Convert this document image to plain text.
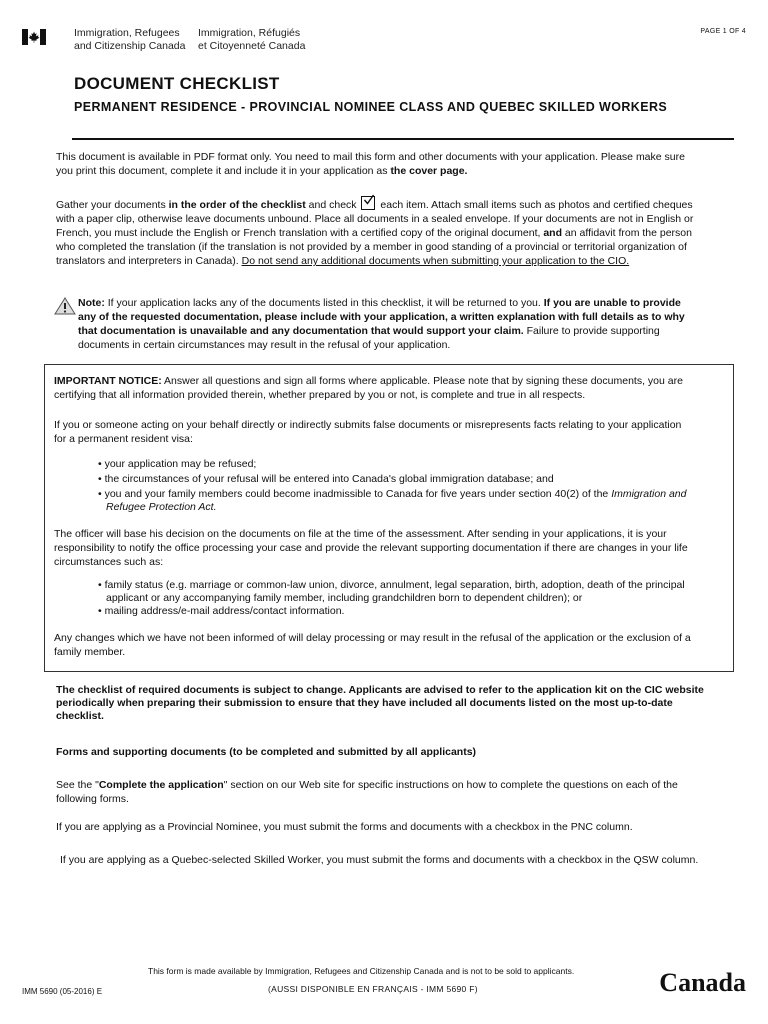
Immigration, Refugees
and Citizenship Canada
Immigration, Réfugiés
et Citoyenneté Canada
PAGE 1 OF 4
DOCUMENT CHECKLIST
PERMANENT RESIDENCE - PROVINCIAL NOMINEE CLASS AND QUEBEC SKILLED WORKERS

This document is available in PDF format only. You need to mail this form and other documents with your application. Please make sure you print this document, complete it and include it in your application as the cover page.

Gather your documents in the order of the checklist and check
each item. Attach small items such as photos and certified cheques with a paper clip, otherwise leave documents unbound. Place all documents in a sealed envelope. If your documents are not in English or French, you must include the English or French translation with a certified copy of the original document, and an affidavit from the person who completed the translation (if the translation is not provided by a member in good standing of a provincial or territorial organization of translators and interpreters in Canada). Do not send any additional documents when submitting your application to the CIO.

Note: If your application lacks any of the documents listed in this checklist, it will be returned to you. If you are unable to provide any of the requested documentation, please include with your application, a written explanation with full details as to why that documentation is unavailable and any documentation that would support your claim. Failure to provide supporting documents in certain circumstances may result in the refusal of your application.

IMPORTANT NOTICE: Answer all questions and sign all forms where applicable. Please note that by signing these documents, you are certifying that all information provided therein, whether prepared by you or not, is complete and true in all respects.

If you or someone acting on your behalf directly or indirectly submits false documents or misrepresents facts relating to your application for a permanent resident visa:

• your application may be refused;
• the circumstances of your refusal will be entered into Canada's global immigration database; and
• you and your family members could become inadmissible to Canada for five years under section 40(2) of the Immigration and Refugee Protection Act.

The officer will base his decision on the documents on file at the time of the assessment. After sending in your applications, it is your responsibility to notify the office processing your case and provide the relevant supporting documentation if there are changes in your life circumstances such as:

• family status (e.g. marriage or common-law union, divorce, annulment, legal separation, birth, adoption, death of the principal applicant or any accompanying family member, including grandchildren born to dependent children); or
• mailing address/e-mail address/contact information.

Any changes which we have not been informed of will delay processing or may result in the refusal of the application or the exclusion of a family member.

The checklist of required documents is subject to change. Applicants are advised to refer to the application kit on the CIC website periodically when preparing their submission to ensure that they have included all documents listed on the most up-to-date checklist.

Forms and supporting documents (to be completed and submitted by all applicants)

See the "Complete the application" section on our Web site for specific instructions on how to complete the questions on each of the following forms.

If you are applying as a Provincial Nominee, you must submit the forms and documents with a checkbox in the PNC column.

If you are applying as a Quebec-selected Skilled Worker, you must submit the forms and documents with a checkbox in the QSW column.

This form is made available by Immigration, Refugees and Citizenship Canada and is not to be sold to applicants.
IMM 5690 (05-2016) E	(AUSSI DISPONIBLE EN FRANÇAIS - IMM 5690 F)	Canada
